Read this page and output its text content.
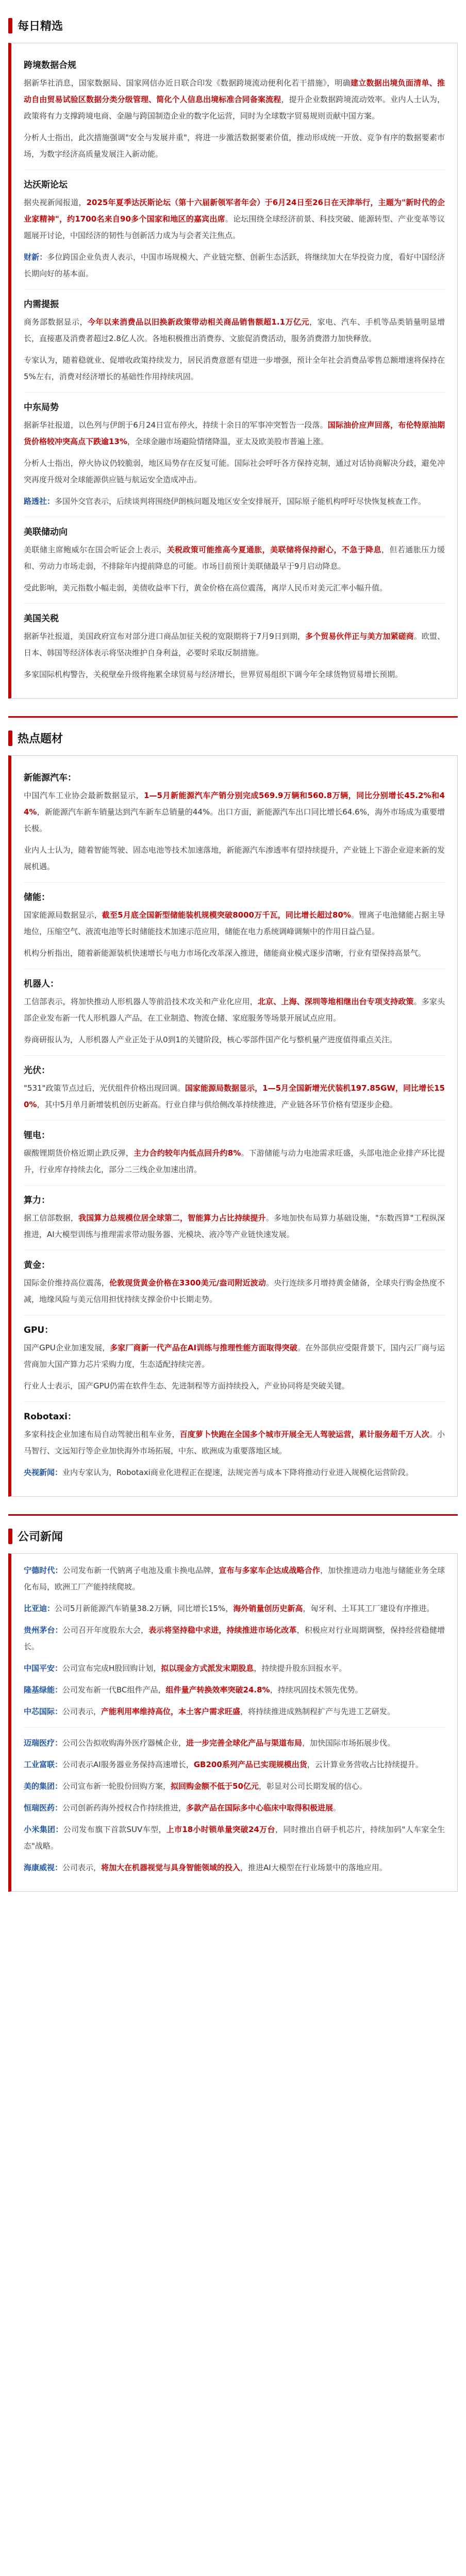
每日精选
跨境数据合规

据新华社消息，国家数据局、国家网信办近日联合印发《数据跨境流动便利化若干措施》，明确建立数据出境负面清单、推动自由贸易试验区数据分类分级管理、简化个人信息出境标准合同备案流程，提升企业数据跨境流动效率。业内人士认为，政策将有力支撑跨境电商、金融与跨国制造企业的数字化运营，同时为全球数字贸易规则贡献中国方案。

分析人士指出，此次措施强调"安全与发展并重"，将进一步激活数据要素价值，推动形成统一开放、竞争有序的数据要素市场，为数字经济高质量发展注入新动能。

达沃斯论坛

据央视新闻报道，2025年夏季达沃斯论坛（第十六届新领军者年会）于6月24日至26日在天津举行，主题为"新时代的企业家精神"，约1700名来自90多个国家和地区的嘉宾出席。论坛围绕全球经济前景、科技突破、能源转型、产业变革等议题展开讨论，中国经济的韧性与创新活力成为与会者关注焦点。

财新：多位跨国企业负责人表示，中国市场规模大、产业链完整、创新生态活跃，将继续加大在华投资力度，看好中国经济长期向好的基本面。

内需提振

商务部数据显示，今年以来消费品以旧换新政策带动相关商品销售额超1.1万亿元，家电、汽车、手机等品类销量明显增长，直接惠及消费者超过2.8亿人次。各地积极推出消费券、文旅促消费活动，服务消费潜力加快释放。

专家认为，随着稳就业、促增收政策持续发力，居民消费意愿有望进一步增强，预计全年社会消费品零售总额增速将保持在5%左右，消费对经济增长的基础性作用持续巩固。

中东局势

据新华社报道，以色列与伊朗于6月24日宣布停火，持续十余日的军事冲突暂告一段落。国际油价应声回落，布伦特原油期货价格较冲突高点下跌逾13%，全球金融市场避险情绪降温，亚太及欧美股市普遍上涨。

分析人士指出，停火协议仍较脆弱，地区局势存在反复可能。国际社会呼吁各方保持克制，通过对话协商解决分歧，避免冲突再度升级对全球能源供应链与航运安全造成冲击。

路透社：多国外交官表示，后续谈判将围绕伊朗核问题及地区安全安排展开，国际原子能机构呼吁尽快恢复核查工作。

美联储动向

美联储主席鲍威尔在国会听证会上表示，关税政策可能推高今夏通胀，美联储将保持耐心，不急于降息，但若通胀压力缓和、劳动力市场走弱，不排除年内提前降息的可能。市场目前预计美联储最早于9月启动降息。

受此影响，美元指数小幅走弱，美债收益率下行，黄金价格在高位震荡，离岸人民币对美元汇率小幅升值。

美国关税

据新华社报道，美国政府宣布对部分进口商品加征关税的宽限期将于7月9日到期，多个贸易伙伴正与美方加紧磋商。欧盟、日本、韩国等经济体表示将坚决维护自身利益，必要时采取反制措施。

多家国际机构警告，关税壁垒升级将拖累全球贸易与经济增长，世界贸易组织下调今年全球货物贸易增长预期。

热点题材
新能源汽车：

中国汽车工业协会最新数据显示，1—5月新能源汽车产销分别完成569.9万辆和560.8万辆，同比分别增长45.2%和44%，新能源汽车新车销量达到汽车新车总销量的44%。出口方面，新能源汽车出口同比增长64.6%，海外市场成为重要增长极。

业内人士认为，随着智能驾驶、固态电池等技术加速落地，新能源汽车渗透率有望持续提升，产业链上下游企业迎来新的发展机遇。

储能：

国家能源局数据显示，截至5月底全国新型储能装机规模突破8000万千瓦，同比增长超过80%。锂离子电池储能占据主导地位，压缩空气、液流电池等长时储能技术加速示范应用，储能在电力系统调峰调频中的作用日益凸显。

机构分析指出，随着新能源装机快速增长与电力市场化改革深入推进，储能商业模式逐步清晰，行业有望保持高景气。

机器人：

工信部表示，将加快推动人形机器人等前沿技术攻关和产业化应用，北京、上海、深圳等地相继出台专项支持政策。多家头部企业发布新一代人形机器人产品，在工业制造、物流仓储、家庭服务等场景开展试点应用。

券商研报认为，人形机器人产业正处于从0到1的关键阶段，核心零部件国产化与整机量产进度值得重点关注。

光伏：

"531"政策节点过后，光伏组件价格出现回调。国家能源局数据显示，1—5月全国新增光伏装机197.85GW，同比增长150%，其中5月单月新增装机创历史新高。行业自律与供给侧改革持续推进，产业链各环节价格有望逐步企稳。

锂电：

碳酸锂期货价格近期止跌反弹，主力合约较年内低点回升约8%。下游储能与动力电池需求旺盛，头部电池企业排产环比提升，行业库存持续去化，部分二三线企业加速出清。

算力：

据工信部数据，我国算力总规模位居全球第二，智能算力占比持续提升。多地加快布局算力基础设施，"东数西算"工程纵深推进，AI大模型训练与推理需求带动服务器、光模块、液冷等产业链快速发展。

黄金：

国际金价维持高位震荡，伦敦现货黄金价格在3300美元/盎司附近波动。央行连续多月增持黄金储备，全球央行购金热度不减，地缘风险与美元信用担忧持续支撑金价中长期走势。

GPU：

国产GPU企业加速发展，多家厂商新一代产品在AI训练与推理性能方面取得突破。在外部供应受限背景下，国内云厂商与运营商加大国产算力芯片采购力度，生态适配持续完善。

行业人士表示，国产GPU仍需在软件生态、先进制程等方面持续投入，产业协同将是突破关键。

Robotaxi：

多家科技企业加速布局自动驾驶出租车业务，百度萝卜快跑在全国多个城市开展全无人驾驶运营，累计服务超千万人次。小马智行、文远知行等企业加快海外市场拓展，中东、欧洲成为重要落地区域。

央视新闻：业内专家认为，Robotaxi商业化进程正在提速，法规完善与成本下降将推动行业进入规模化运营阶段。

公司新闻

宁德时代：公司发布新一代钠离子电池及重卡换电品牌，宣布与多家车企达成战略合作，加快推进动力电池与储能业务全球化布局，欧洲工厂产能持续爬坡。

比亚迪：公司5月新能源汽车销量38.2万辆，同比增长15%，海外销量创历史新高，匈牙利、土耳其工厂建设有序推进。

贵州茅台：公司召开年度股东大会，表示将坚持稳中求进，持续推进市场化改革，积极应对行业周期调整，保持经营稳健增长。

中国平安：公司宣布完成H股回购计划，拟以现金方式派发末期股息，持续提升股东回报水平。

隆基绿能：公司发布新一代BC组件产品，组件量产转换效率突破24.8%，持续巩固技术领先优势。

中芯国际：公司表示，产能利用率维持高位，本土客户需求旺盛，将持续推进成熟制程扩产与先进工艺研发。

迈瑞医疗：公司公告拟收购海外医疗器械企业，进一步完善全球化产品与渠道布局，加快国际市场拓展步伐。

工业富联：公司表示AI服务器业务保持高速增长，GB200系列产品已实现规模出货，云计算业务营收占比持续提升。

美的集团：公司宣布新一轮股份回购方案，拟回购金额不低于50亿元，彰显对公司长期发展的信心。

恒瑞医药：公司创新药海外授权合作持续推进，多款产品在国际多中心临床中取得积极进展。

小米集团：公司发布旗下首款SUV车型，上市18小时锁单量突破24万台，同时推出自研手机芯片，持续加码"人车家全生态"战略。

海康威视：公司表示，将加大在机器视觉与具身智能领域的投入，推进AI大模型在行业场景中的落地应用。
